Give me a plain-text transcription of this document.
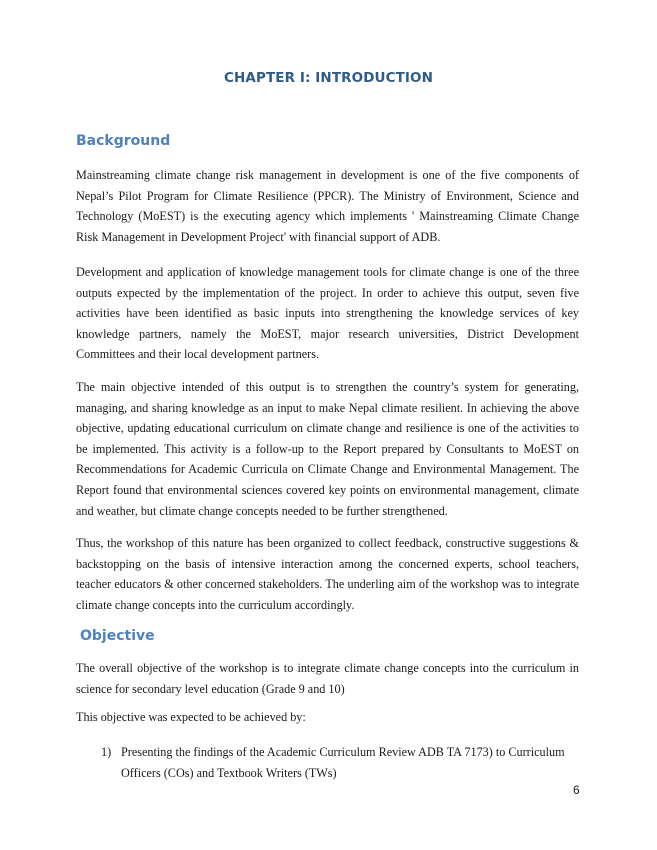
CHAPTER I: INTRODUCTION
Background

Mainstreaming climate change risk management in development is one of the five components of Nepal’s Pilot Program for Climate Resilience (PPCR). The Ministry of Environment, Science and Technology (MoEST) is the executing agency which implements ' Mainstreaming Climate Change Risk Management in Development Project' with financial support of ADB.

Development and application of knowledge management tools for climate change is one of the three outputs expected by the implementation of the project. In order to achieve this output, seven five activities have been identified as basic inputs into strengthening the knowledge services of key knowledge partners, namely the MoEST, major research universities, District Development Committees and their local development partners.

The main objective intended of this output is to strengthen the country’s system for generating, managing, and sharing knowledge as an input to make Nepal climate resilient. In achieving the above objective, updating educational curriculum on climate change and resilience is one of the activities to be implemented. This activity is a follow-up to the Report prepared by Consultants to MoEST on Recommendations for Academic Curricula on Climate Change and Environmental Management. The Report found that environmental sciences covered key points on environmental management, climate and weather, but climate change concepts needed to be further strengthened.

Thus, the workshop of this nature has been organized to collect feedback, constructive suggestions & backstopping on the basis of intensive interaction among the concerned experts, school teachers, teacher educators & other concerned stakeholders. The underling aim of the workshop was to integrate climate change concepts into the curriculum accordingly.

Objective

The overall objective of the workshop is to integrate climate change concepts into the curriculum in science for secondary level education (Grade 9 and 10)

This objective was expected to be achieved by:

1) Presenting the findings of the Academic Curriculum Review ADB TA 7173) to Curriculum Officers (COs) and Textbook Writers (TWs)
6
